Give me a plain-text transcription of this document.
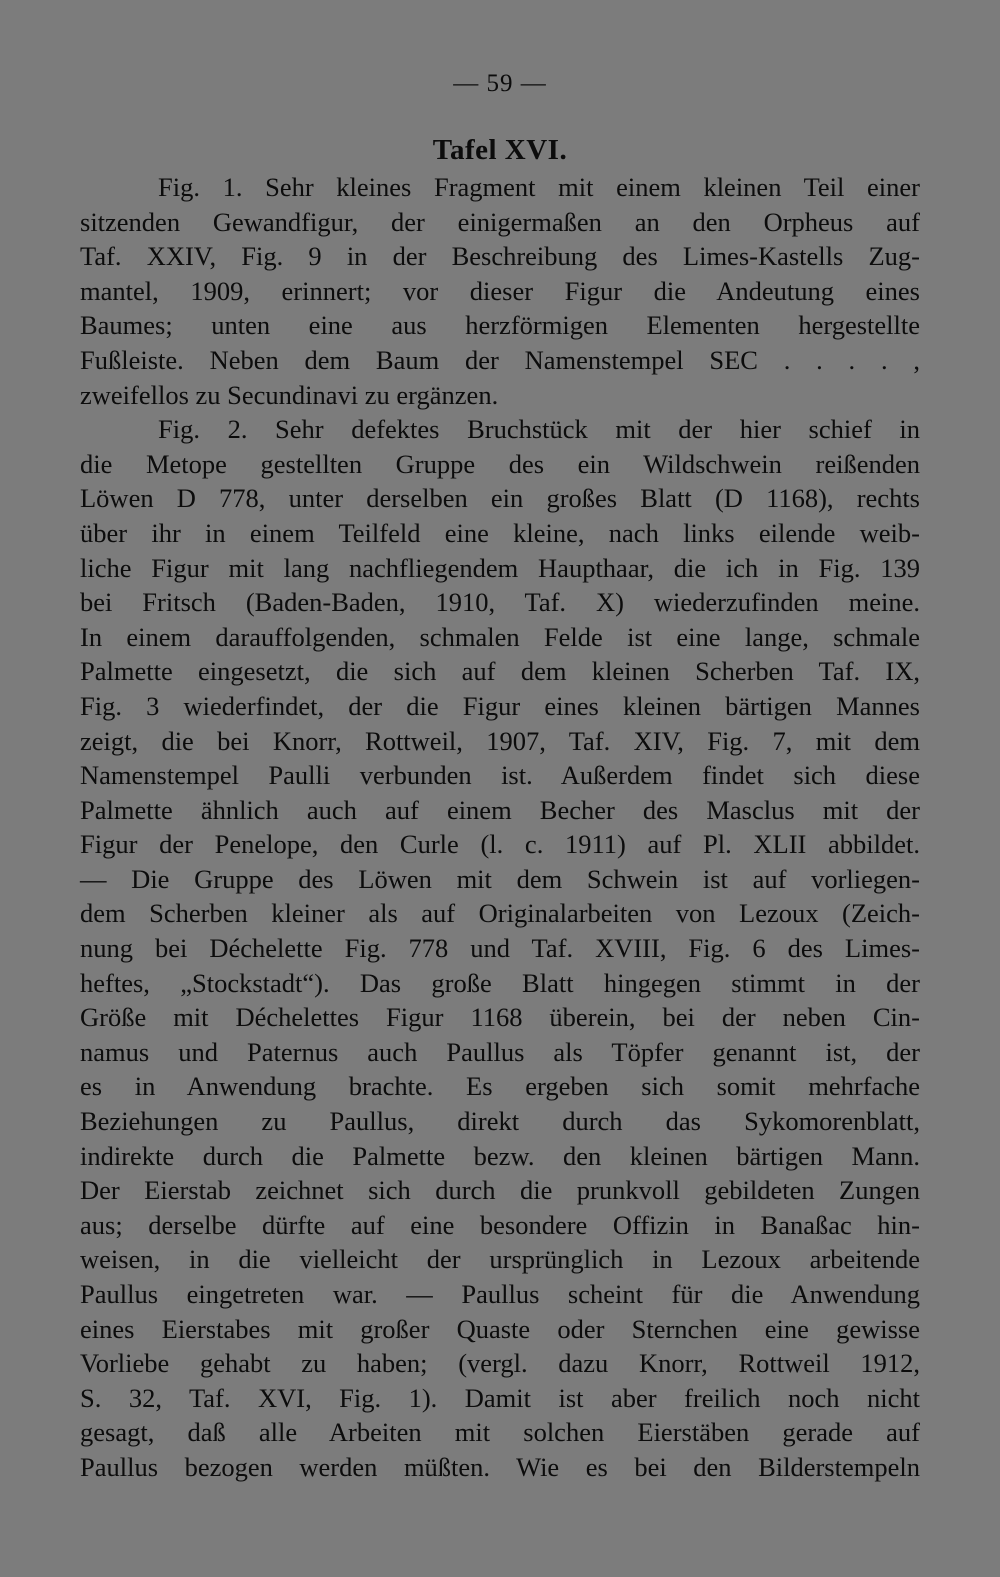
— 59 —
Tafel XVI.
Fig. 1. Sehr kleines Fragment mit einem kleinen Teil einer
sitzenden Gewandfigur, der einigermaßen an den Orpheus auf
Taf. XXIV, Fig. 9 in der Beschreibung des Limes-Kastells Zug-
mantel, 1909, erinnert; vor dieser Figur die Andeutung eines
Baumes; unten eine aus herzförmigen Elementen hergestellte
Fußleiste. Neben dem Baum der Namenstempel SEC . . . . ,
zweifellos zu Secundinavi zu ergänzen.
Fig. 2. Sehr defektes Bruchstück mit der hier schief in
die Metope gestellten Gruppe des ein Wildschwein reißenden
Löwen D 778, unter derselben ein großes Blatt (D 1168), rechts
über ihr in einem Teilfeld eine kleine, nach links eilende weib-
liche Figur mit lang nachfliegendem Haupthaar, die ich in Fig. 139
bei Fritsch (Baden-Baden, 1910, Taf. X) wiederzufinden meine.
In einem darauffolgenden, schmalen Felde ist eine lange, schmale
Palmette eingesetzt, die sich auf dem kleinen Scherben Taf. IX,
Fig. 3 wiederfindet, der die Figur eines kleinen bärtigen Mannes
zeigt, die bei Knorr, Rottweil, 1907, Taf. XIV, Fig. 7, mit dem
Namenstempel Paulli verbunden ist. Außerdem findet sich diese
Palmette ähnlich auch auf einem Becher des Masclus mit der
Figur der Penelope, den Curle (l. c. 1911) auf Pl. XLII abbildet.
— Die Gruppe des Löwen mit dem Schwein ist auf vorliegen-
dem Scherben kleiner als auf Originalarbeiten von Lezoux (Zeich-
nung bei Déchelette Fig. 778 und Taf. XVIII, Fig. 6 des Limes-
heftes, „Stockstadt“). Das große Blatt hingegen stimmt in der
Größe mit Déchelettes Figur 1168 überein, bei der neben Cin-
namus und Paternus auch Paullus als Töpfer genannt ist, der
es in Anwendung brachte. Es ergeben sich somit mehrfache
Beziehungen zu Paullus, direkt durch das Sykomorenblatt,
indirekte durch die Palmette bezw. den kleinen bärtigen Mann.
Der Eierstab zeichnet sich durch die prunkvoll gebildeten Zungen
aus; derselbe dürfte auf eine besondere Offizin in Banaßac hin-
weisen, in die vielleicht der ursprünglich in Lezoux arbeitende
Paullus eingetreten war. — Paullus scheint für die Anwendung
eines Eierstabes mit großer Quaste oder Sternchen eine gewisse
Vorliebe gehabt zu haben; (vergl. dazu Knorr, Rottweil 1912,
S. 32, Taf. XVI, Fig. 1). Damit ist aber freilich noch nicht
gesagt, daß alle Arbeiten mit solchen Eierstäben gerade auf
Paullus bezogen werden müßten. Wie es bei den Bilderstempeln
